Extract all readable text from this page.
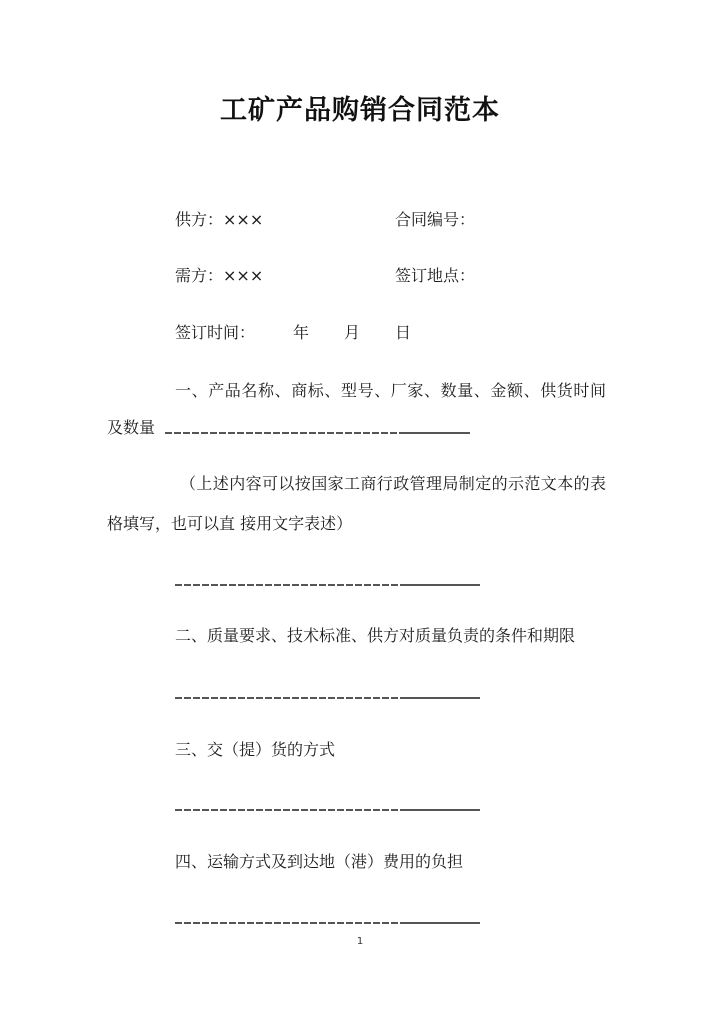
工矿产品购销合同范本
供方：×××	合同编号：
需方：×××	签订地点：
签订时间： 年 月 日
一、产品名称、商标、型号、厂家、数量、金额、供货时间
及数量
（上述内容可以按国家工商行政管理局制定的示范文本的表
格填写，也可以直 接用文字表述）
二、质量要求、技术标准、供方对质量负责的条件和期限
三、交（提）货的方式
四、运输方式及到达地（港）费用的负担
1
